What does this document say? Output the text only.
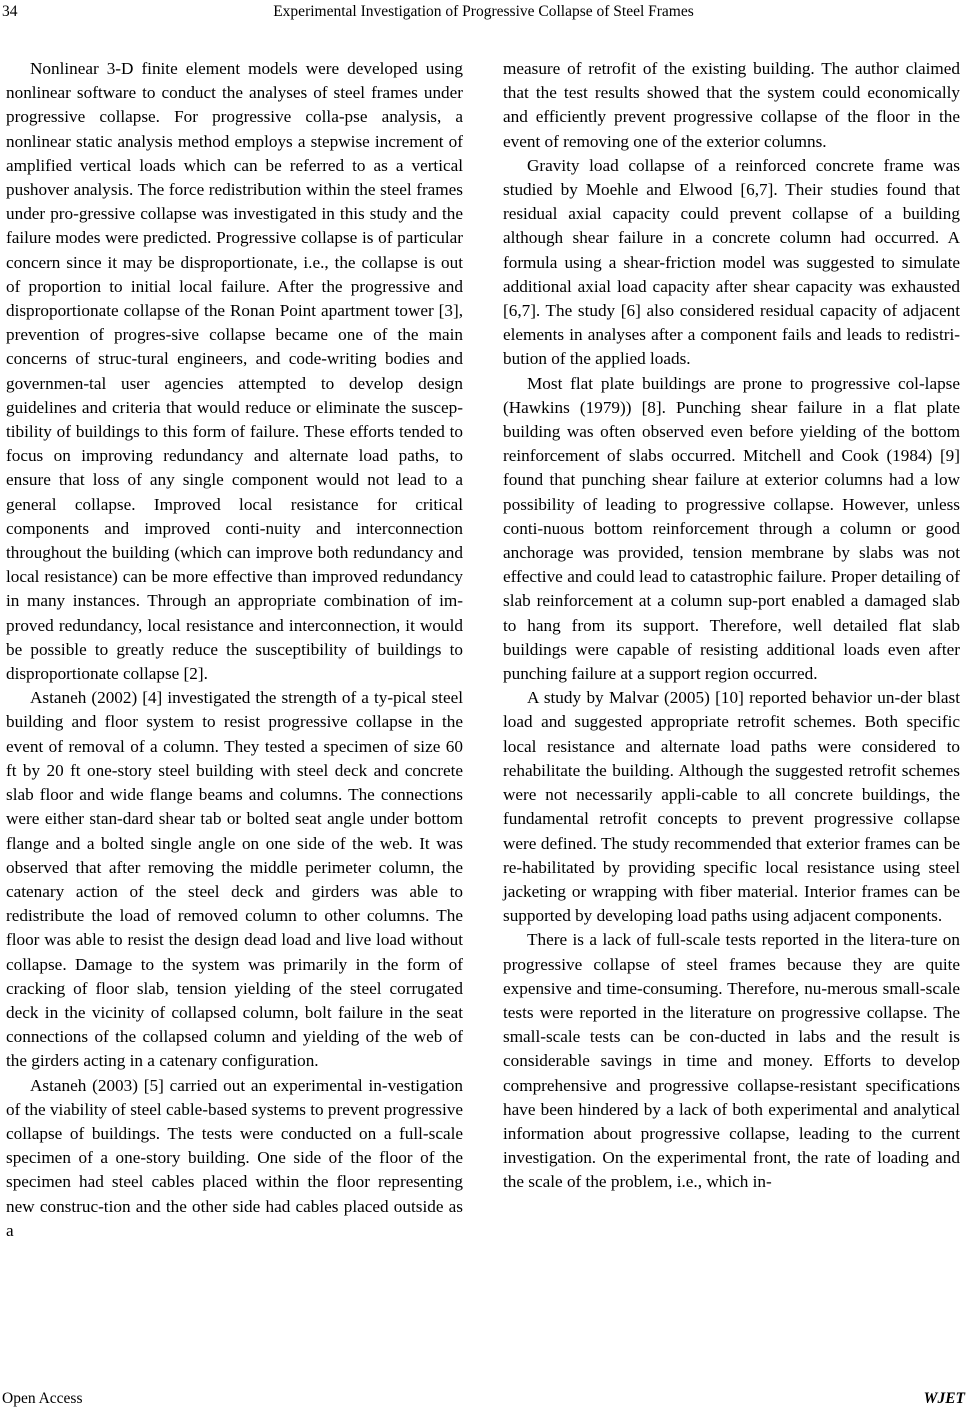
34	Experimental Investigation of Progressive Collapse of Steel Frames

Nonlinear 3-D finite element models were developed using nonlinear software to conduct the analyses of steel frames under progressive collapse. For progressive colla-pse analysis, a nonlinear static analysis method employs a stepwise increment of amplified vertical loads which can be referred to as a vertical pushover analysis. The force redistribution within the steel frames under pro-gressive collapse was investigated in this study and the failure modes were predicted. Progressive collapse is of particular concern since it may be disproportionate, i.e., the collapse is out of proportion to initial local failure. After the progressive and disproportionate collapse of the Ronan Point apartment tower [3], prevention of progres-sive collapse became one of the main concerns of struc-tural engineers, and code-writing bodies and governmen-tal user agencies attempted to develop design guidelines and criteria that would reduce or eliminate the suscep-tibility of buildings to this form of failure. These efforts tended to focus on improving redundancy and alternate load paths, to ensure that loss of any single component would not lead to a general collapse. Improved local resistance for critical components and improved conti-nuity and interconnection throughout the building (which can improve both redundancy and local resistance) can be more effective than improved redundancy in many instances. Through an appropriate combination of im-proved redundancy, local resistance and interconnection, it would be possible to greatly reduce the susceptibility of buildings to disproportionate collapse [2].

Astaneh (2002) [4] investigated the strength of a ty-pical steel building and floor system to resist progressive collapse in the event of removal of a column. They tested a specimen of size 60 ft by 20 ft one-story steel building with steel deck and concrete slab floor and wide flange beams and columns. The connections were either stan-dard shear tab or bolted seat angle under bottom flange and a bolted single angle on one side of the web. It was observed that after removing the middle perimeter column, the catenary action of the steel deck and girders was able to redistribute the load of removed column to other columns. The floor was able to resist the design dead load and live load without collapse. Damage to the system was primarily in the form of cracking of floor slab, tension yielding of the steel corrugated deck in the vicinity of collapsed column, bolt failure in the seat connections of the collapsed column and yielding of the web of the girders acting in a catenary configuration.

Astaneh (2003) [5] carried out an experimental in-vestigation of the viability of steel cable-based systems to prevent progressive collapse of buildings. The tests were conducted on a full-scale specimen of a one-story building. One side of the floor of the specimen had steel cables placed within the floor representing new construc-tion and the other side had cables placed outside as a

measure of retrofit of the existing building. The author claimed that the test results showed that the system could economically and efficiently prevent progressive collapse of the floor in the event of removing one of the exterior columns.

Gravity load collapse of a reinforced concrete frame was studied by Moehle and Elwood [6,7]. Their studies found that residual axial capacity could prevent collapse of a building although shear failure in a concrete column had occurred. A formula using a shear-friction model was suggested to simulate additional axial load capacity after shear capacity was exhausted [6,7]. The study [6] also considered residual capacity of adjacent elements in analyses after a component fails and leads to redistri-bution of the applied loads.

Most flat plate buildings are prone to progressive col-lapse (Hawkins (1979)) [8]. Punching shear failure in a flat plate building was often observed even before yielding of the bottom reinforcement of slabs occurred. Mitchell and Cook (1984) [9] found that punching shear failure at exterior columns had a low possibility of leading to progressive collapse. However, unless conti-nuous bottom reinforcement through a column or good anchorage was provided, tension membrane by slabs was not effective and could lead to catastrophic failure. Proper detailing of slab reinforcement at a column sup-port enabled a damaged slab to hang from its support. Therefore, well detailed flat slab buildings were capable of resisting additional loads even after punching failure at a support region occurred.

A study by Malvar (2005) [10] reported behavior un-der blast load and suggested appropriate retrofit schemes. Both specific local resistance and alternate load paths were considered to rehabilitate the building. Although the suggested retrofit schemes were not necessarily appli-cable to all concrete buildings, the fundamental retrofit concepts to prevent progressive collapse were defined. The study recommended that exterior frames can be re-habilitated by providing specific local resistance using steel jacketing or wrapping with fiber material. Interior frames can be supported by developing load paths using adjacent components.

There is a lack of full-scale tests reported in the litera-ture on progressive collapse of steel frames because they are quite expensive and time-consuming. Therefore, nu-merous small-scale tests were reported in the literature on progressive collapse. The small-scale tests can be con-ducted in labs and the result is considerable savings in time and money. Efforts to develop comprehensive and progressive collapse-resistant specifications have been hindered by a lack of both experimental and analytical information about progressive collapse, leading to the current investigation. On the experimental front, the rate of loading and the scale of the problem, i.e., which in-

Open Access	WJET
